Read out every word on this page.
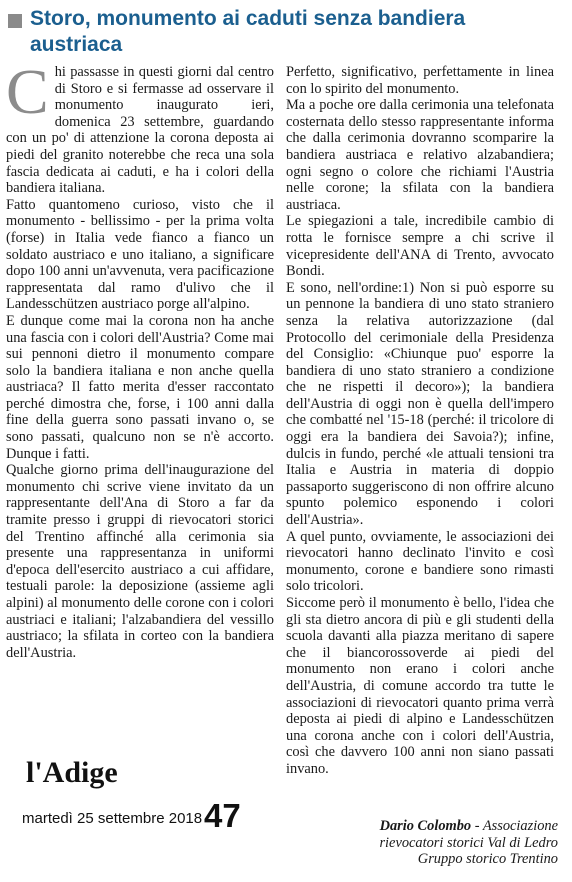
Storo, monumento ai caduti senza bandiera austriaca

Chi passasse in questi giorni dal centro di Storo e si fermasse ad osservare il monumento inaugurato ieri, domenica 23 settembre, guardando con un po' di attenzione la corona deposta ai piedi del granito noterebbe che reca una sola fascia dedicata ai caduti, e ha i colori della bandiera italiana.

Fatto quantomeno curioso, visto che il monumento - bellissimo - per la prima volta (forse) in Italia vede fianco a fianco un soldato austriaco e uno italiano, a significare dopo 100 anni un'avvenuta, vera pacificazione rappresentata dal ramo d'ulivo che il Landesschützen austriaco porge all'alpino.

E dunque come mai la corona non ha anche una fascia con i colori dell'Austria? Come mai sui pennoni dietro il monumento compare solo la bandiera italiana e non anche quella austriaca? Il fatto merita d'esser raccontato perché dimostra che, forse, i 100 anni dalla fine della guerra sono passati invano o, se sono passati, qualcuno non se n'è accorto. Dunque i fatti.

Qualche giorno prima dell'inaugurazione del monumento chi scrive viene invitato da un rappresentante dell'Ana di Storo a far da tramite presso i gruppi di rievocatori storici del Trentino affinché alla cerimonia sia presente una rappresentanza in uniformi d'epoca dell'esercito austriaco a cui affidare, testuali parole: la deposizione (assieme agli alpini) al monumento delle corone con i colori austriaci e italiani; l'alzabandiera del vessillo austriaco; la sfilata in corteo con la bandiera dell'Austria.

Perfetto, significativo, perfettamente in linea con lo spirito del monumento.

Ma a poche ore dalla cerimonia una telefonata costernata dello stesso rappresentante informa che dalla cerimonia dovranno scomparire la bandiera austriaca e relativo alzabandiera; ogni segno o colore che richiami l'Austria nelle corone; la sfilata con la bandiera austriaca.

Le spiegazioni a tale, incredibile cambio di rotta le fornisce sempre a chi scrive il vicepresidente dell'ANA di Trento, avvocato Bondi.

E sono, nell'ordine:1) Non si può esporre su un pennone la bandiera di uno stato straniero senza la relativa autorizzazione (dal Protocollo del cerimoniale della Presidenza del Consiglio: «Chiunque puo' esporre la bandiera di uno stato straniero a condizione che ne rispetti il decoro»); la bandiera dell'Austria di oggi non è quella dell'impero che combatté nel '15-18 (perché: il tricolore di oggi era la bandiera dei Savoia?); infine, dulcis in fundo, perché «le attuali tensioni tra Italia e Austria in materia di doppio passaporto suggeriscono di non offrire alcuno spunto polemico esponendo i colori dell'Austria».

A quel punto, ovviamente, le associazioni dei rievocatori hanno declinato l'invito e così monumento, corone e bandiere sono rimasti solo tricolori.

Siccome però il monumento è bello, l'idea che gli sta dietro ancora di più e gli studenti della scuola davanti alla piazza meritano di sapere che il biancorossoverde ai piedi del monumento non erano i colori anche dell'Austria, di comune accordo tra tutte le associazioni di rievocatori quanto prima verrà deposta ai piedi di alpino e Landesschützen una corona anche con i colori dell'Austria, così che davvero 100 anni non siano passati invano.

Dario Colombo - Associazione
rievocatori storici Val di Ledro
Gruppo storico Trentino
l'Adige
martedì 25 settembre 2018 47
